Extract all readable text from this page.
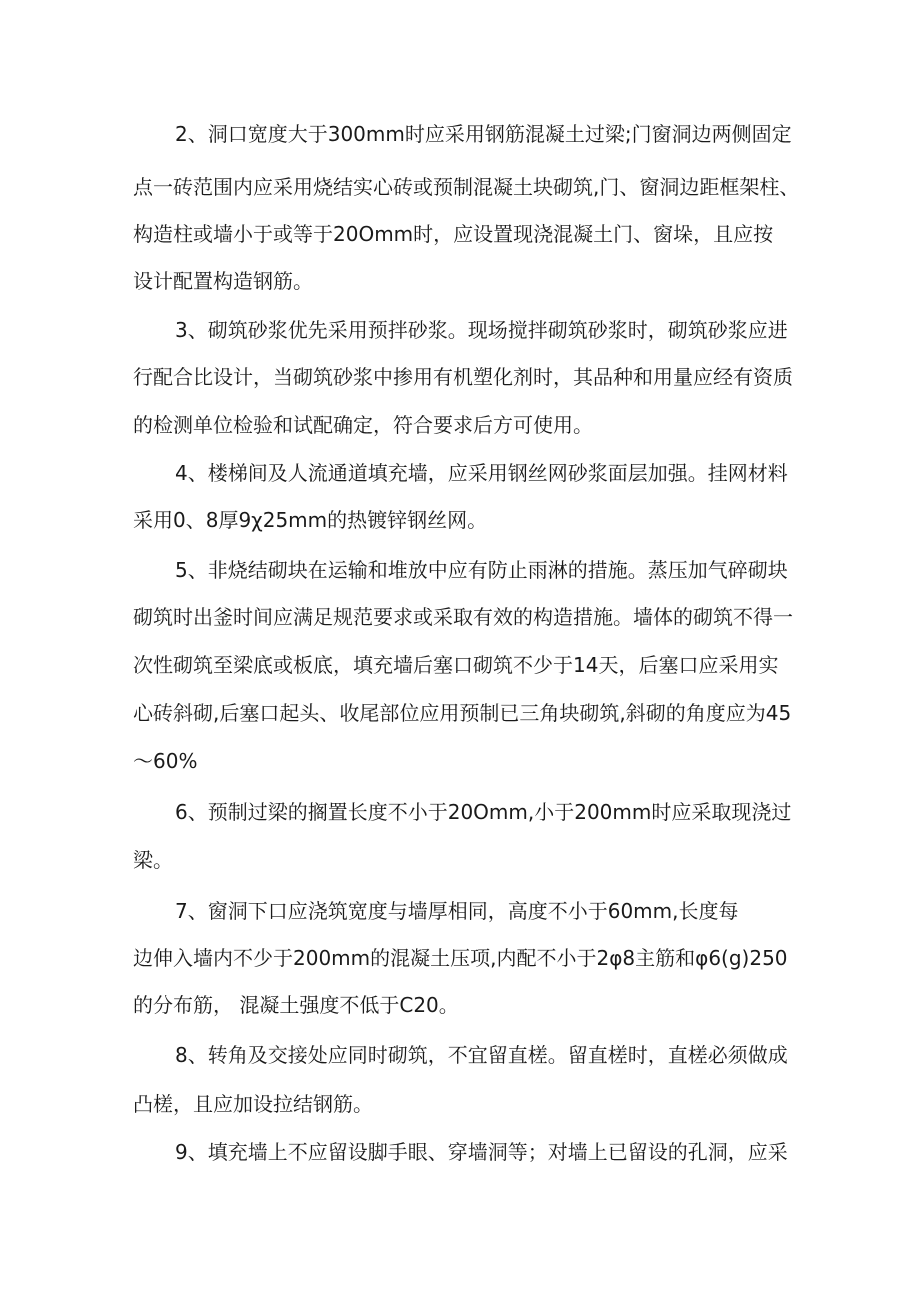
2、洞口宽度大于300mm时应采用钢筋混凝土过梁;门窗洞边两侧固定
点一砖范围内应采用烧结实心砖或预制混凝土块砌筑,门、窗洞边距框架柱、
构造柱或墙小于或等于20Omm时，应设置现浇混凝土门、窗垛，且应按
设计配置构造钢筋。
3、砌筑砂浆优先采用预拌砂浆。现场搅拌砌筑砂浆时，砌筑砂浆应进
行配合比设计，当砌筑砂浆中掺用有机塑化剂时，其品种和用量应经有资质
的检测单位检验和试配确定，符合要求后方可使用。
4、楼梯间及人流通道填充墙，应采用钢丝网砂浆面层加强。挂网材料
采用0、8厚9χ25mm的热镀锌钢丝网。
5、非烧结砌块在运输和堆放中应有防止雨淋的措施。蒸压加气碎砌块
砌筑时出釜时间应满足规范要求或采取有效的构造措施。墙体的砌筑不得一
次性砌筑至梁底或板底，填充墙后塞口砌筑不少于14天，后塞口应采用实
心砖斜砌,后塞口起头、收尾部位应用预制已三角块砌筑,斜砌的角度应为45
～60%
6、预制过梁的搁置长度不小于20Omm,小于200mm时应采取现浇过
梁。
7、窗洞下口应浇筑宽度与墙厚相同，高度不小于60mm,长度每
边伸入墙内不少于200mm的混凝土压项,内配不小于2φ8主筋和φ6(g)250
的分布筋， 混凝土强度不低于C20。
8、转角及交接处应同时砌筑，不宜留直槎。留直槎时，直槎必须做成
凸槎，且应加设拉结钢筋。
9、填充墙上不应留设脚手眼、穿墙洞等；对墙上已留设的孔洞，应采
